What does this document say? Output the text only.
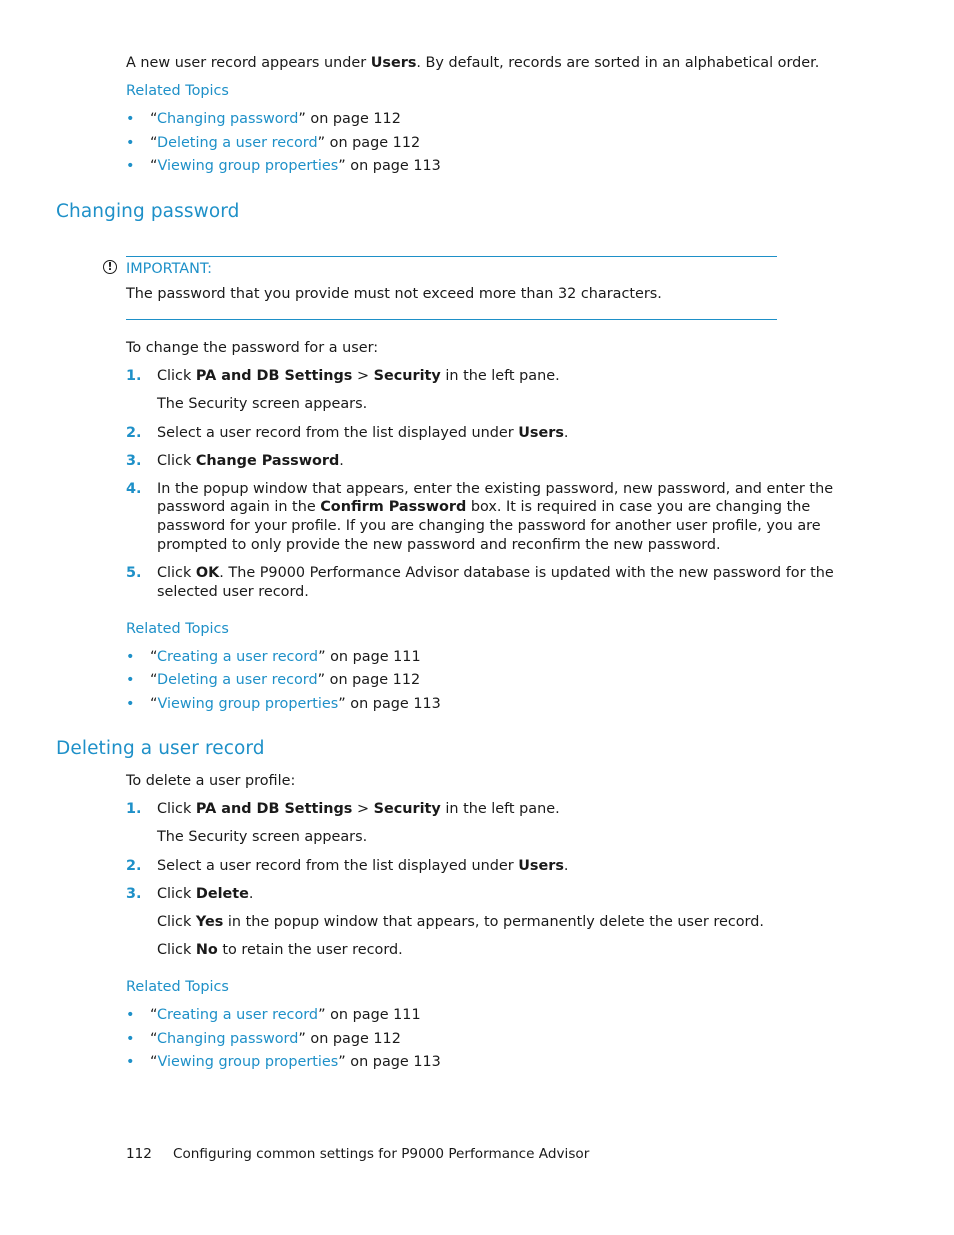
A new user record appears under Users. By default, records are sorted in an alphabetical order.
Related Topics
• “Changing password” on page 112
• “Deleting a user record” on page 112
• “Viewing group properties” on page 113
Changing password
! IMPORTANT:
The password that you provide must not exceed more than 32 characters.
To change the password for a user:
1. Click PA and DB Settings > Security in the left pane.
The Security screen appears.
2. Select a user record from the list displayed under Users.
3. Click Change Password.
4. In the popup window that appears, enter the existing password, new password, and enter the
password again in the Confirm Password box. It is required in case you are changing the
password for your profile. If you are changing the password for another user profile, you are
prompted to only provide the new password and reconfirm the new password.
5. Click OK. The P9000 Performance Advisor database is updated with the new password for the
selected user record.
Related Topics
• “Creating a user record” on page 111
• “Deleting a user record” on page 112
• “Viewing group properties” on page 113
Deleting a user record
To delete a user profile:
1. Click PA and DB Settings > Security in the left pane.
The Security screen appears.
2. Select a user record from the list displayed under Users.
3. Click Delete.
Click Yes in the popup window that appears, to permanently delete the user record.
Click No to retain the user record.
Related Topics
• “Creating a user record” on page 111
• “Changing password” on page 112
• “Viewing group properties” on page 113
112 Configuring common settings for P9000 Performance Advisor
